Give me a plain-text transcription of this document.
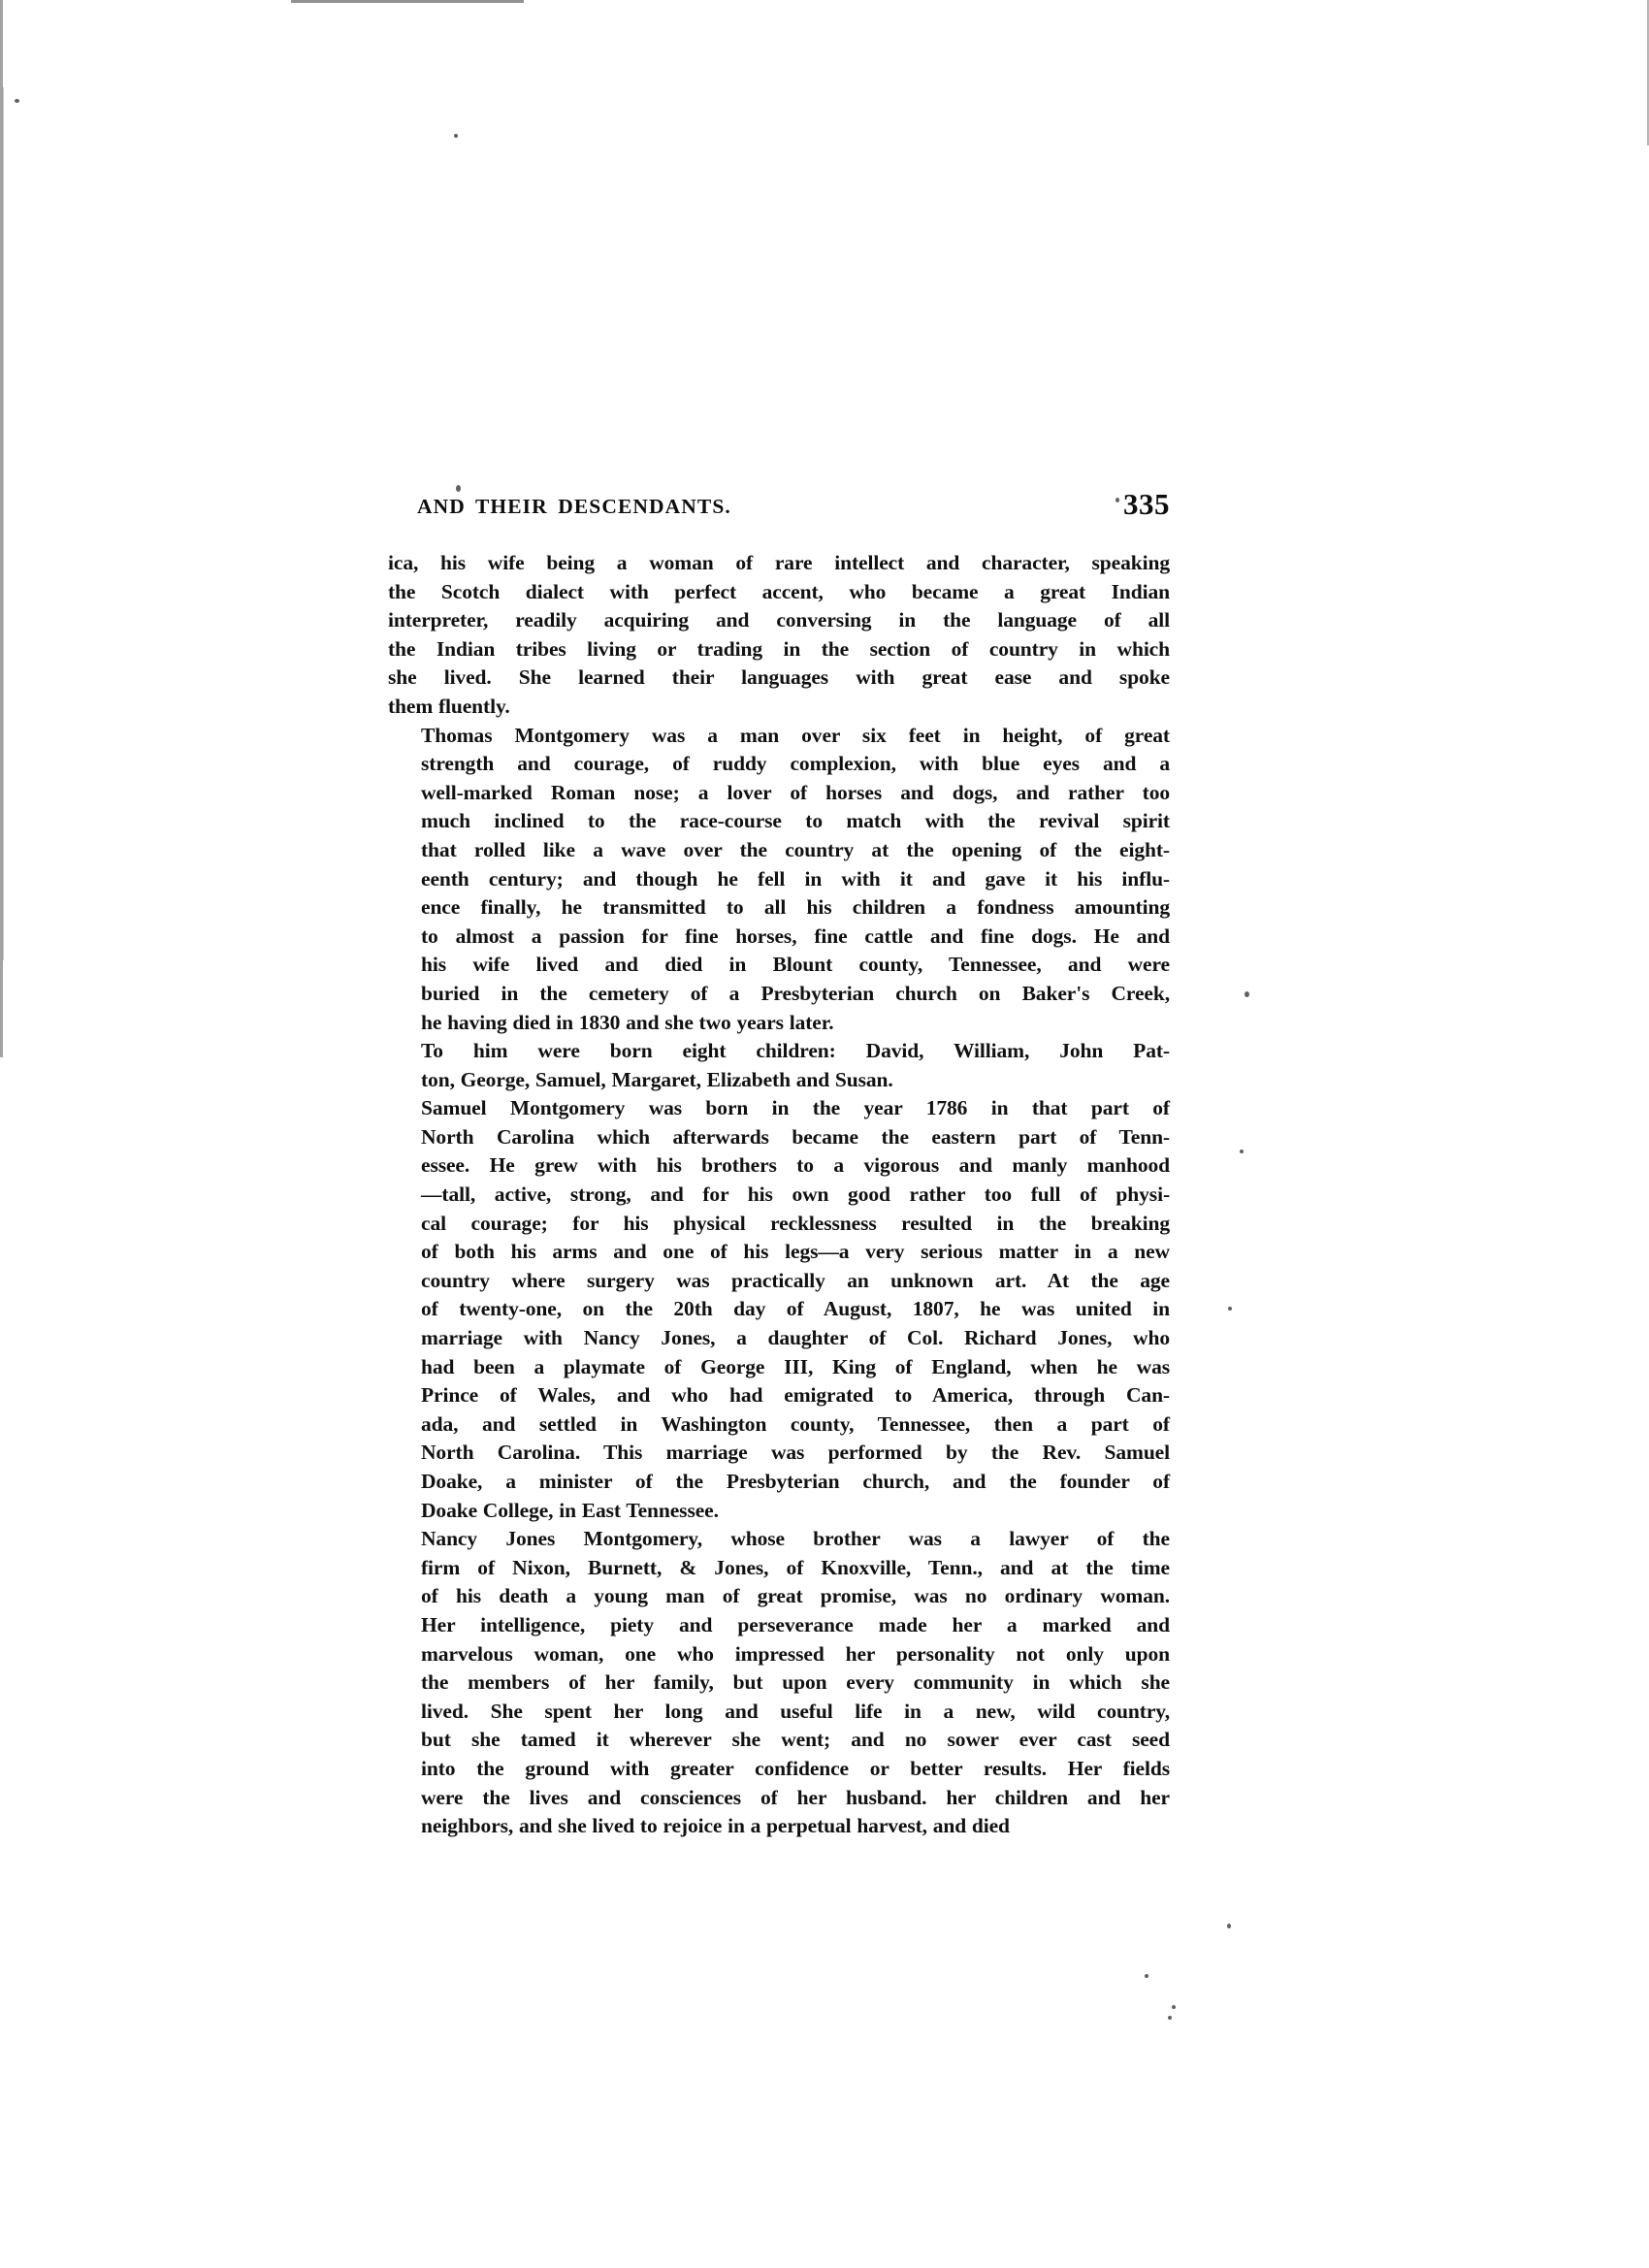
AND THEIR DESCENDANTS.	335

ica, his wife being a woman of rare intellect and character, speaking
the Scotch dialect with perfect accent, who became a great Indian
interpreter, readily acquiring and conversing in the language of all
the Indian tribes living or trading in the section of country in which
she lived. She learned their languages with great ease and spoke
them fluently.

Thomas Montgomery was a man over six feet in height, of great
strength and courage, of ruddy complexion, with blue eyes and a
well-marked Roman nose; a lover of horses and dogs, and rather too
much inclined to the race-course to match with the revival spirit
that rolled like a wave over the country at the opening of the eight-
eenth century; and though he fell in with it and gave it his influ-
ence finally, he transmitted to all his children a fondness amounting
to almost a passion for fine horses, fine cattle and fine dogs. He and
his wife lived and died in Blount county, Tennessee, and were
buried in the cemetery of a Presbyterian church on Baker's Creek,
he having died in 1830 and she two years later.

To him were born eight children: David, William, John Pat-
ton, George, Samuel, Margaret, Elizabeth and Susan.

Samuel Montgomery was born in the year 1786 in that part of
North Carolina which afterwards became the eastern part of Tenn-
essee. He grew with his brothers to a vigorous and manly manhood
—tall, active, strong, and for his own good rather too full of physi-
cal courage; for his physical recklessness resulted in the breaking
of both his arms and one of his legs—a very serious matter in a new
country where surgery was practically an unknown art. At the age
of twenty-one, on the 20th day of August, 1807, he was united in
marriage with Nancy Jones, a daughter of Col. Richard Jones, who
had been a playmate of George III, King of England, when he was
Prince of Wales, and who had emigrated to America, through Can-
ada, and settled in Washington county, Tennessee, then a part of
North Carolina. This marriage was performed by the Rev. Samuel
Doake, a minister of the Presbyterian church, and the founder of
Doake College, in East Tennessee.

Nancy Jones Montgomery, whose brother was a lawyer of the
firm of Nixon, Burnett, & Jones, of Knoxville, Tenn., and at the time
of his death a young man of great promise, was no ordinary woman.
Her intelligence, piety and perseverance made her a marked and
marvelous woman, one who impressed her personality not only upon
the members of her family, but upon every community in which she
lived. She spent her long and useful life in a new, wild country,
but she tamed it wherever she went; and no sower ever cast seed
into the ground with greater confidence or better results. Her fields
were the lives and consciences of her husband. her children and her
neighbors, and she lived to rejoice in a perpetual harvest, and died
